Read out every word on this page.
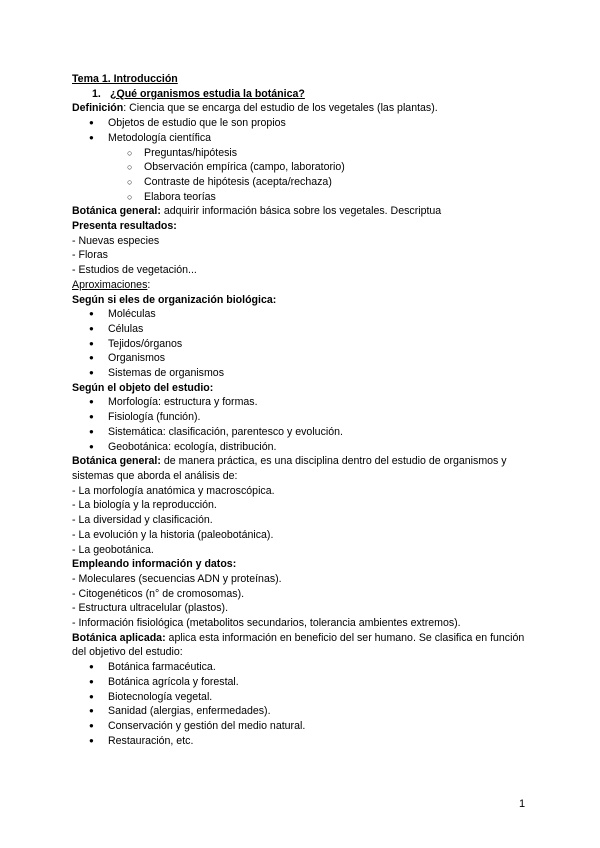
Tema 1. Introducción
1. ¿Qué organismos estudia la botánica?
Definición: Ciencia que se encarga del estudio de los vegetales (las plantas).
● Objetos de estudio que le son propios
● Metodología científica
○ Preguntas/hipótesis
○ Observación empírica (campo, laboratorio)
○ Contraste de hipótesis (acepta/rechaza)
○ Elabora teorías
Botánica general: adquirir información básica sobre los vegetales. Descriptua
Presenta resultados:
- Nuevas especies
- Floras
- Estudios de vegetación...
Aproximaciones:
Según si eles de organización biológica:
● Moléculas
● Células
● Tejidos/órganos
● Organismos
● Sistemas de organismos
Según el objeto del estudio:
● Morfología: estructura y formas.
● Fisiología (función).
● Sistemática: clasificación, parentesco y evolución.
● Geobotánica: ecología, distribución.
Botánica general: de manera práctica, es una disciplina dentro del estudio de organismos y sistemas que aborda el análisis de:
- La morfología anatómica y macroscópica.
- La biología y la reproducción.
- La diversidad y clasificación.
- La evolución y la historia (paleobotánica).
- La geobotánica.
Empleando información y datos:
- Moleculares (secuencias ADN y proteínas).
- Citogenéticos (n° de cromosomas).
- Estructura ultracelular (plastos).
- Información fisiológica (metabolitos secundarios, tolerancia ambientes extremos).
Botánica aplicada: aplica esta información en beneficio del ser humano. Se clasifica en función del objetivo del estudio:
● Botánica farmacéutica.
● Botánica agrícola y forestal.
● Biotecnología vegetal.
● Sanidad (alergias, enfermedades).
● Conservación y gestión del medio natural.
● Restauración, etc.
1
